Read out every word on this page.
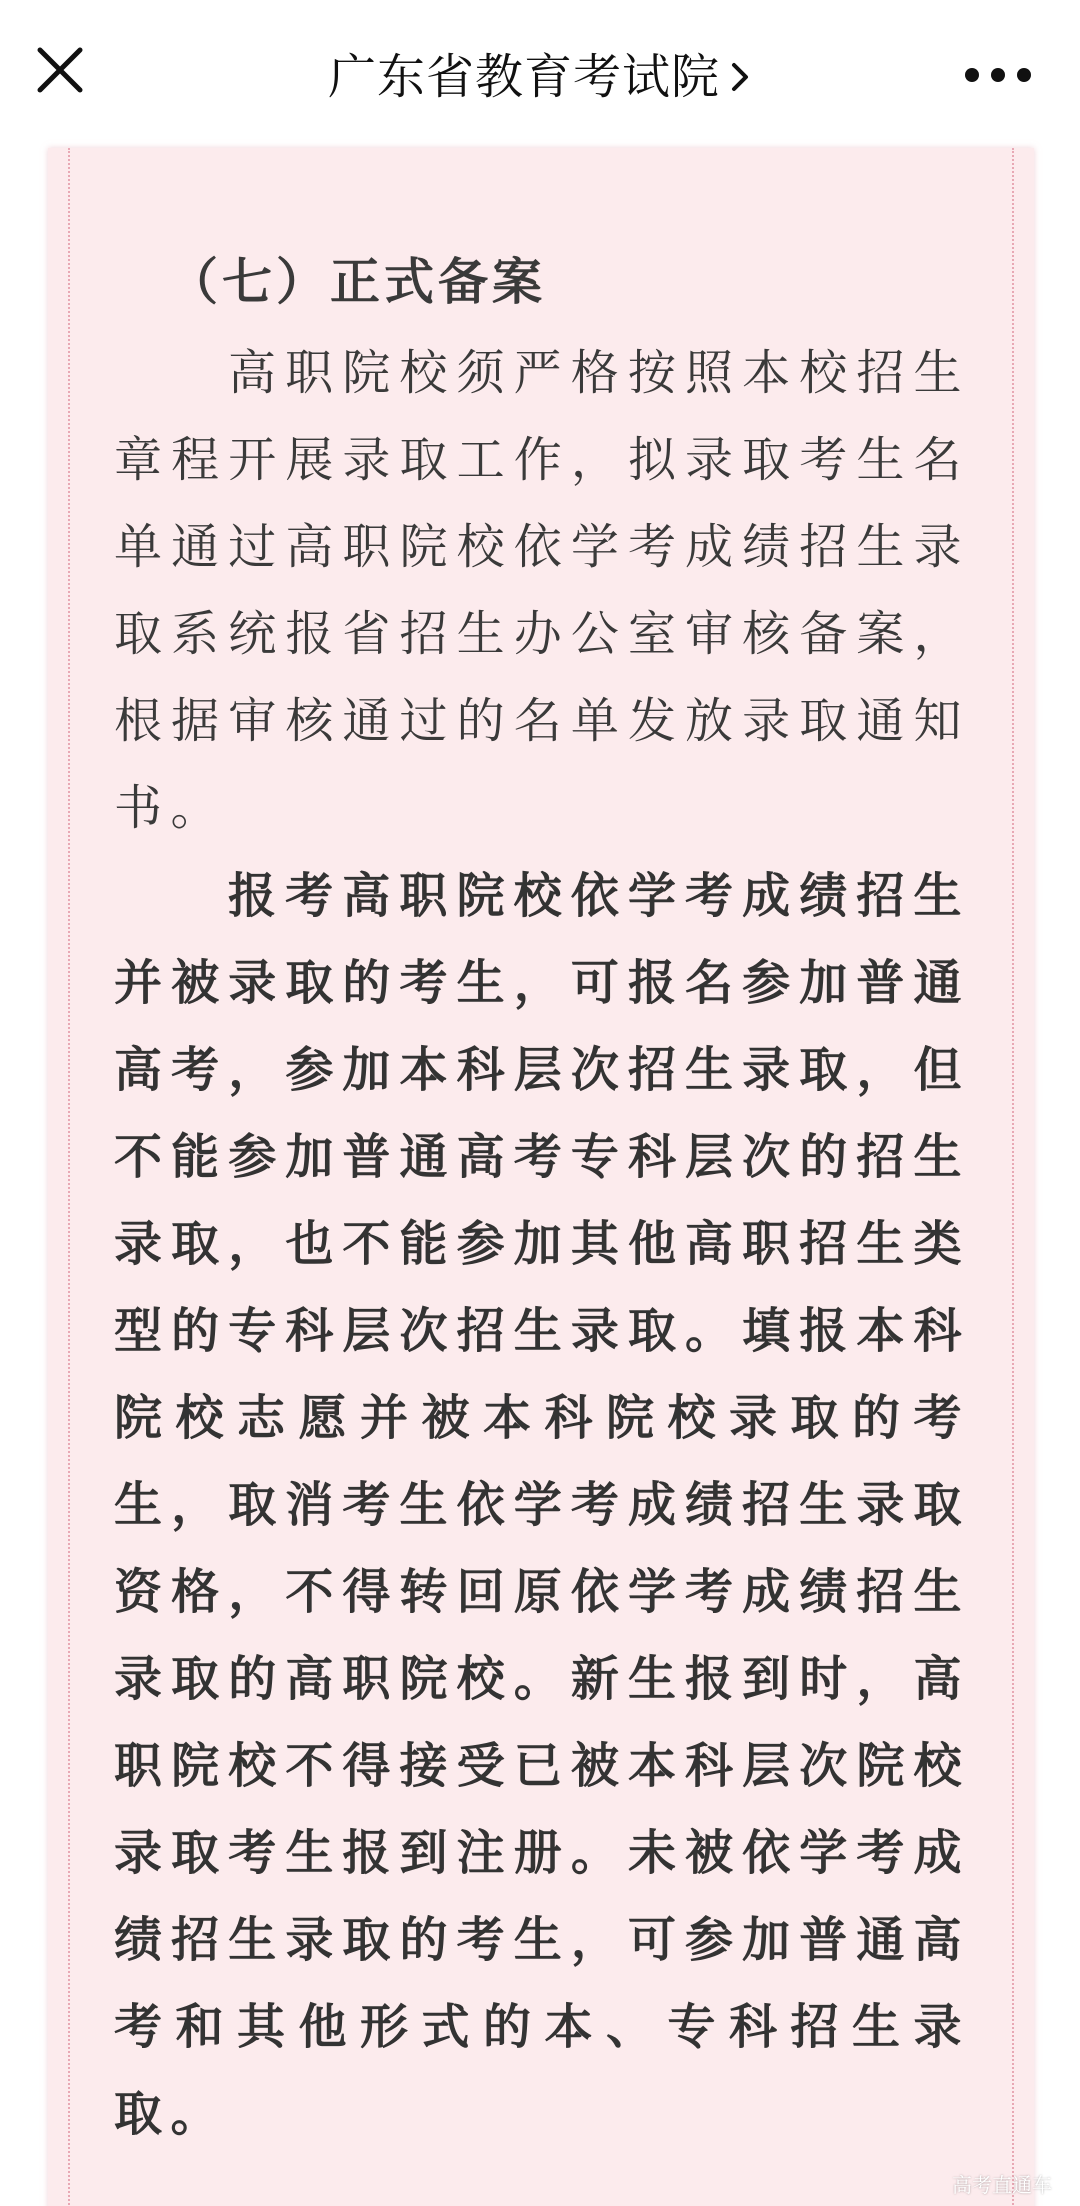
广东省教育考试院
（七）正式备案

高职院校须严格按照本校招生章程开展录取工作，拟录取考生名单通过高职院校依学考成绩招生录取系统报省招生办公室审核备案，根据审核通过的名单发放录取通知书。

报考高职院校依学考成绩招生并被录取的考生，可报名参加普通高考，参加本科层次招生录取，但不能参加普通高考专科层次的招生录取，也不能参加其他高职招生类型的专科层次招生录取。填报本科院校志愿并被本科院校录取的考生，取消考生依学考成绩招生录取资格，不得转回原依学考成绩招生录取的高职院校。新生报到时，高职院校不得接受已被本科层次院校录取考生报到注册。未被依学考成绩招生录取的考生，可参加普通高考和其他形式的本、专科招生录取。

高考直通车
